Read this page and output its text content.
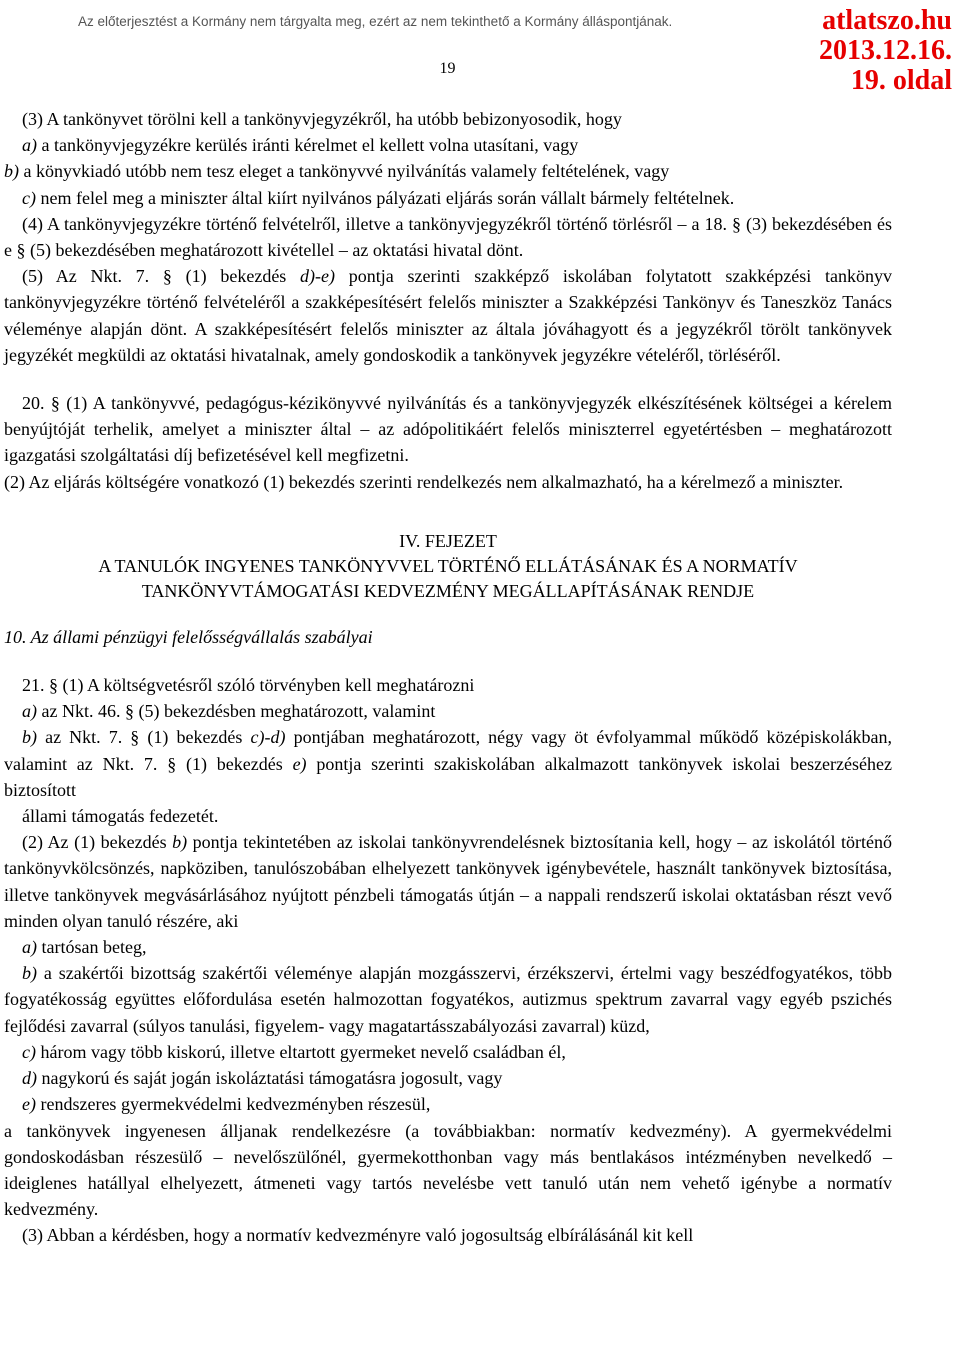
Az előterjesztést a Kormány nem tárgyalta meg, ezért az nem tekinthető a Kormány álláspontjának.
19
atlatszo.hu
2013.12.16.
19. oldal

(3) A tankönyvet törölni kell a tankönyvjegyzékről, ha utóbb bebizonyosodik, hogy

a) a tankönyvjegyzékre kerülés iránti kérelmet el kellett volna utasítani, vagy

b) a könyvkiadó utóbb nem tesz eleget a tankönyvvé nyilvánítás valamely feltételének, vagy

c) nem felel meg a miniszter által kiírt nyilvános pályázati eljárás során vállalt bármely feltételnek.

(4) A tankönyvjegyzékre történő felvételről, illetve a tankönyvjegyzékről történő törlésről – a 18. § (3) bekezdésében és e § (5) bekezdésében meghatározott kivétellel – az oktatási hivatal dönt.

(5) Az Nkt. 7. § (1) bekezdés d)-e) pontja szerinti szakképző iskolában folytatott szakképzési tankönyv tankönyvjegyzékre történő felvételéről a szakképesítésért felelős miniszter a Szakképzési Tankönyv és Taneszköz Tanács véleménye alapján dönt. A szakképesítésért felelős miniszter az általa jóváhagyott és a jegyzékről törölt tankönyvek jegyzékét megküldi az oktatási hivatalnak, amely gondoskodik a tankönyvek jegyzékre vételéről, törléséről.

20. § (1) A tankönyvvé, pedagógus-kézikönyvvé nyilvánítás és a tankönyvjegyzék elkészítésének költségei a kérelem benyújtóját terhelik, amelyet a miniszter által – az adópolitikáért felelős miniszterrel egyetértésben – meghatározott igazgatási szolgáltatási díj befizetésével kell megfizetni.

(2) Az eljárás költségére vonatkozó (1) bekezdés szerinti rendelkezés nem alkalmazható, ha a kérelmező a miniszter.

IV. FEJEZET
A TANULÓK INGYENES TANKÖNYVVEL TÖRTÉNŐ ELLÁTÁSÁNAK ÉS A NORMATÍV
TANKÖNYVTÁMOGATÁSI KEDVEZMÉNY MEGÁLLAPÍTÁSÁNAK RENDJE

10. Az állami pénzügyi felelősségvállalás szabályai

21. § (1) A költségvetésről szóló törvényben kell meghatározni

a) az Nkt. 46. § (5) bekezdésben meghatározott, valamint

b) az Nkt. 7. § (1) bekezdés c)-d) pontjában meghatározott, négy vagy öt évfolyammal működő középiskolákban, valamint az Nkt. 7. § (1) bekezdés e) pontja szerinti szakiskolában alkalmazott tankönyvek iskolai beszerzéséhez biztosított

állami támogatás fedezetét.

(2) Az (1) bekezdés b) pontja tekintetében az iskolai tankönyvrendelésnek biztosítania kell, hogy – az iskolától történő tankönyvkölcsönzés, napköziben, tanulószobában elhelyezett tankönyvek igénybevétele, használt tankönyvek biztosítása, illetve tankönyvek megvásárlásához nyújtott pénzbeli támogatás útján – a nappali rendszerű iskolai oktatásban részt vevő minden olyan tanuló részére, aki

a) tartósan beteg,

b) a szakértői bizottság szakértői véleménye alapján mozgásszervi, érzékszervi, értelmi vagy beszédfogyatékos, több fogyatékosság együttes előfordulása esetén halmozottan fogyatékos, autizmus spektrum zavarral vagy egyéb pszichés fejlődési zavarral (súlyos tanulási, figyelem- vagy magatartásszabályozási zavarral) küzd,

c) három vagy több kiskorú, illetve eltartott gyermeket nevelő családban él,

d) nagykorú és saját jogán iskoláztatási támogatásra jogosult, vagy

e) rendszeres gyermekvédelmi kedvezményben részesül,

a tankönyvek ingyenesen álljanak rendelkezésre (a továbbiakban: normatív kedvezmény). A gyermekvédelmi gondoskodásban részesülő – nevelőszülőnél, gyermekotthonban vagy más bentlakásos intézményben nevelkedő – ideiglenes hatállyal elhelyezett, átmeneti vagy tartós nevelésbe vett tanuló után nem vehető igénybe a normatív kedvezmény.

(3) Abban a kérdésben, hogy a normatív kedvezményre való jogosultság elbírálásánál kit kell
